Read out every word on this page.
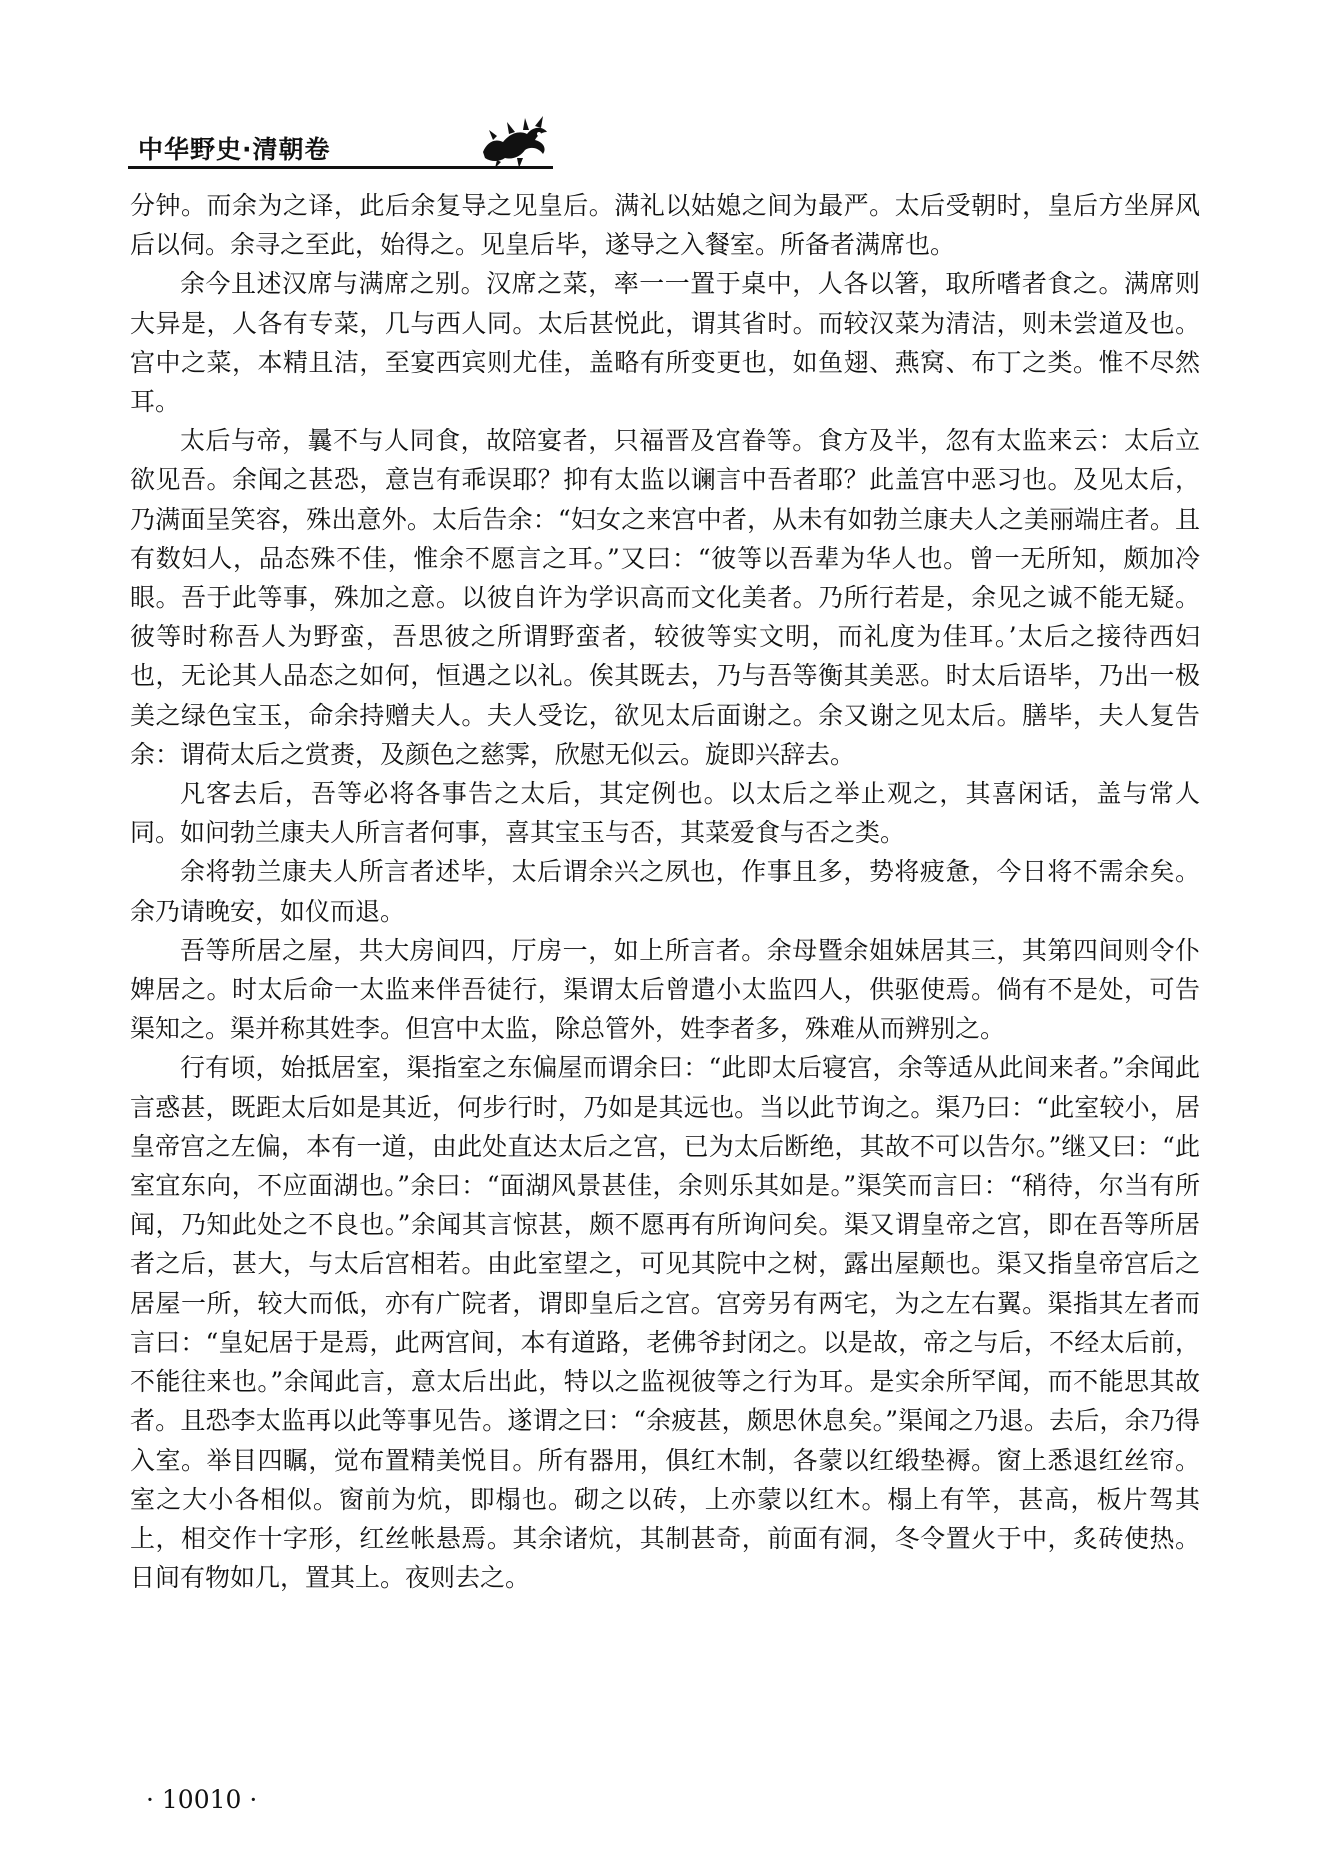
中华野史·清朝卷

分钟。而余为之译，此后余复导之见皇后。满礼以姑媳之间为最严。太后受朝时，皇后方坐屏风后以伺。余寻之至此，始得之。见皇后毕，遂导之入餐室。所备者满席也。

余今且述汉席与满席之别。汉席之菜，率一一置于桌中，人各以箸，取所嗜者食之。满席则大异是，人各有专菜，几与西人同。太后甚悦此，谓其省时。而较汉菜为清洁，则未尝道及也。宫中之菜，本精且洁，至宴西宾则尤佳，盖略有所变更也，如鱼翅、燕窝、布丁之类。惟不尽然耳。

太后与帝，曩不与人同食，故陪宴者，只福晋及宫眷等。食方及半，忽有太监来云：太后立欲见吾。余闻之甚恐，意岂有乖误耶？抑有太监以谰言中吾者耶？此盖宫中恶习也。及见太后，乃满面呈笑容，殊出意外。太后告余：“妇女之来宫中者，从未有如勃兰康夫人之美丽端庄者。且有数妇人，品态殊不佳，惟余不愿言之耳。”又曰：“彼等以吾辈为华人也。曾一无所知，颇加冷眼。吾于此等事，殊加之意。以彼自许为学识高而文化美者。乃所行若是，余见之诚不能无疑。彼等时称吾人为野蛮，吾思彼之所谓野蛮者，较彼等实文明，而礼度为佳耳。’太后之接待西妇也，无论其人品态之如何，恒遇之以礼。俟其既去，乃与吾等衡其美恶。时太后语毕，乃出一极美之绿色宝玉，命余持赠夫人。夫人受讫，欲见太后面谢之。余又谢之见太后。膳毕，夫人复告余：谓荷太后之赏赉，及颜色之慈霁，欣慰无似云。旋即兴辞去。

凡客去后，吾等必将各事告之太后，其定例也。以太后之举止观之，其喜闲话，盖与常人同。如问勃兰康夫人所言者何事，喜其宝玉与否，其菜爱食与否之类。

余将勃兰康夫人所言者述毕，太后谓余兴之夙也，作事且多，势将疲惫，今日将不需余矣。余乃请晚安，如仪而退。

吾等所居之屋，共大房间四，厅房一，如上所言者。余母暨余姐妹居其三，其第四间则令仆婢居之。时太后命一太监来伴吾徒行，渠谓太后曾遣小太监四人，供驱使焉。倘有不是处，可告渠知之。渠并称其姓李。但宫中太监，除总管外，姓李者多，殊难从而辨别之。

行有顷，始抵居室，渠指室之东偏屋而谓余曰：“此即太后寝宫，余等适从此间来者。”余闻此言惑甚，既距太后如是其近，何步行时，乃如是其远也。当以此节询之。渠乃曰：“此室较小，居皇帝宫之左偏，本有一道，由此处直达太后之宫，已为太后断绝，其故不可以告尔。”继又曰：“此室宜东向，不应面湖也。”余曰：“面湖风景甚佳，余则乐其如是。”渠笑而言曰：“稍待，尔当有所闻，乃知此处之不良也。”余闻其言惊甚，颇不愿再有所询问矣。渠又谓皇帝之宫，即在吾等所居者之后，甚大，与太后宫相若。由此室望之，可见其院中之树，露出屋颠也。渠又指皇帝宫后之居屋一所，较大而低，亦有广院者，谓即皇后之宫。宫旁另有两宅，为之左右翼。渠指其左者而言曰：“皇妃居于是焉，此两宫间，本有道路，老佛爷封闭之。以是故，帝之与后，不经太后前，不能往来也。”余闻此言，意太后出此，特以之监视彼等之行为耳。是实余所罕闻，而不能思其故者。且恐李太监再以此等事见告。遂谓之曰：“余疲甚，颇思休息矣。”渠闻之乃退。去后，余乃得入室。举目四瞩，觉布置精美悦目。所有器用，俱红木制，各蒙以红缎垫褥。窗上悉退红丝帘。室之大小各相似。窗前为炕，即榻也。砌之以砖，上亦蒙以红木。榻上有竿，甚高，板片驾其上，相交作十字形，红丝帐悬焉。其余诸炕，其制甚奇，前面有洞，冬令置火于中，炙砖使热。日间有物如几，置其上。夜则去之。

· 10010 ·
